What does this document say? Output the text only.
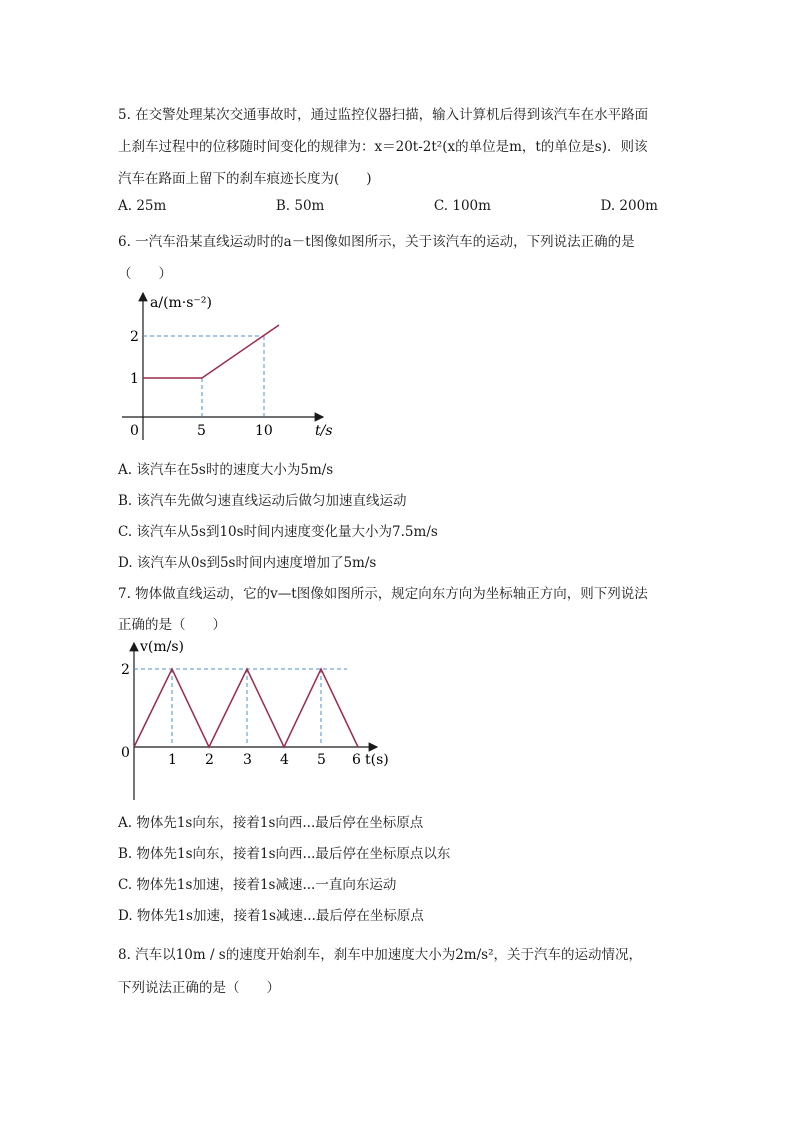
5. 在交警处理某次交通事故时，通过监控仪器扫描，输入计算机后得到该汽车在水平路面
上刹车过程中的位移随时间变化的规律为：x＝20t-2t²(x的单位是m，t的单位是s)．则该
汽车在路面上留下的刹车痕迹长度为(　　)
A. 25m	B. 50m	C. 100m	D. 200m
6. 一汽车沿某直线运动时的a－t图像如图所示，关于该汽车的运动，下列说法正确的是
（　　）
a/(m·s⁻²)
t/s
0
1
2
5	10
A. 该汽车在5s时的速度大小为5m/s
B. 该汽车先做匀速直线运动后做匀加速直线运动
C. 该汽车从5s到10s时间内速度变化量大小为7.5m/s
D. 该汽车从0s到5s时间内速度增加了5m/s
7. 物体做直线运动，它的v—t图像如图所示，规定向东方向为坐标轴正方向，则下列说法
正确的是（　　）
v(m/s)
t(s)
0
2
1 2 3 4 5 6
A. 物体先1s向东，接着1s向西...最后停在坐标原点
B. 物体先1s向东，接着1s向西...最后停在坐标原点以东
C. 物体先1s加速，接着1s减速...一直向东运动
D. 物体先1s加速，接着1s减速...最后停在坐标原点
8. 汽车以10m / s的速度开始刹车，刹车中加速度大小为2m/s²，关于汽车的运动情况，
下列说法正确的是（　　）
